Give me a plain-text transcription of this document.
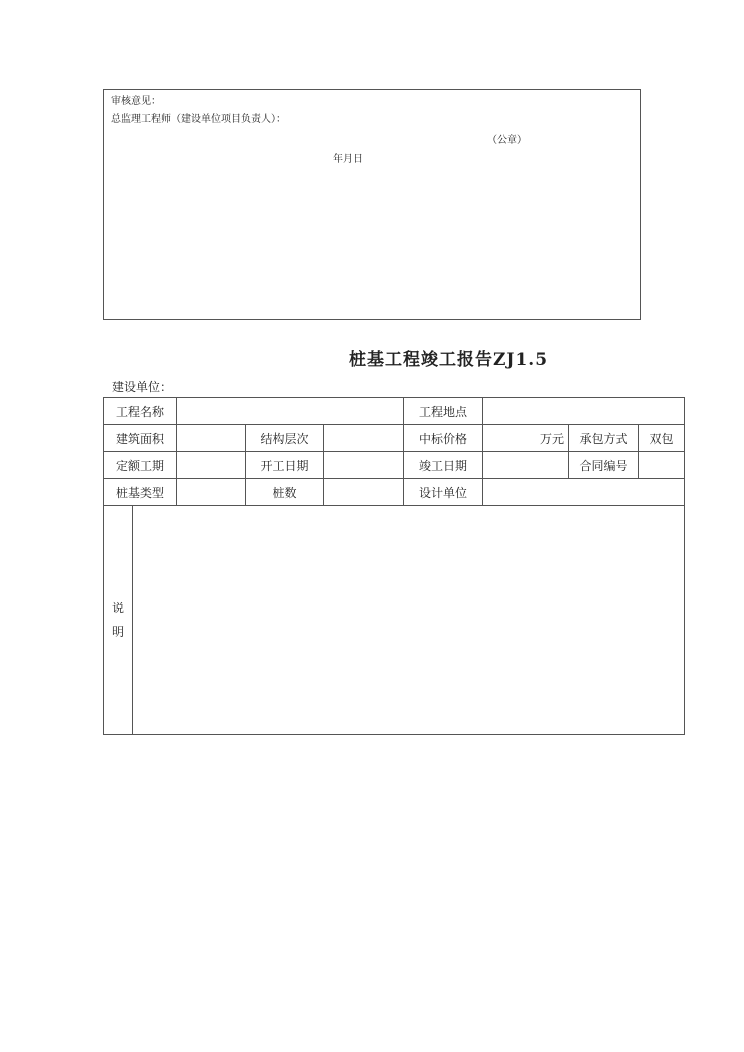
审核意见：
总监理工程师（建设单位项目负责人）：
（公章）
年月日
桩基工程竣工报告ZJ1.5
建设单位：
工程名称					工程地点			
建筑面积			结构层次		中标价格	万元	承包方式	双包
定额工期			开工日期		竣工日期		合同编号	
桩基类型			桩数		设计单位			

说
明								
